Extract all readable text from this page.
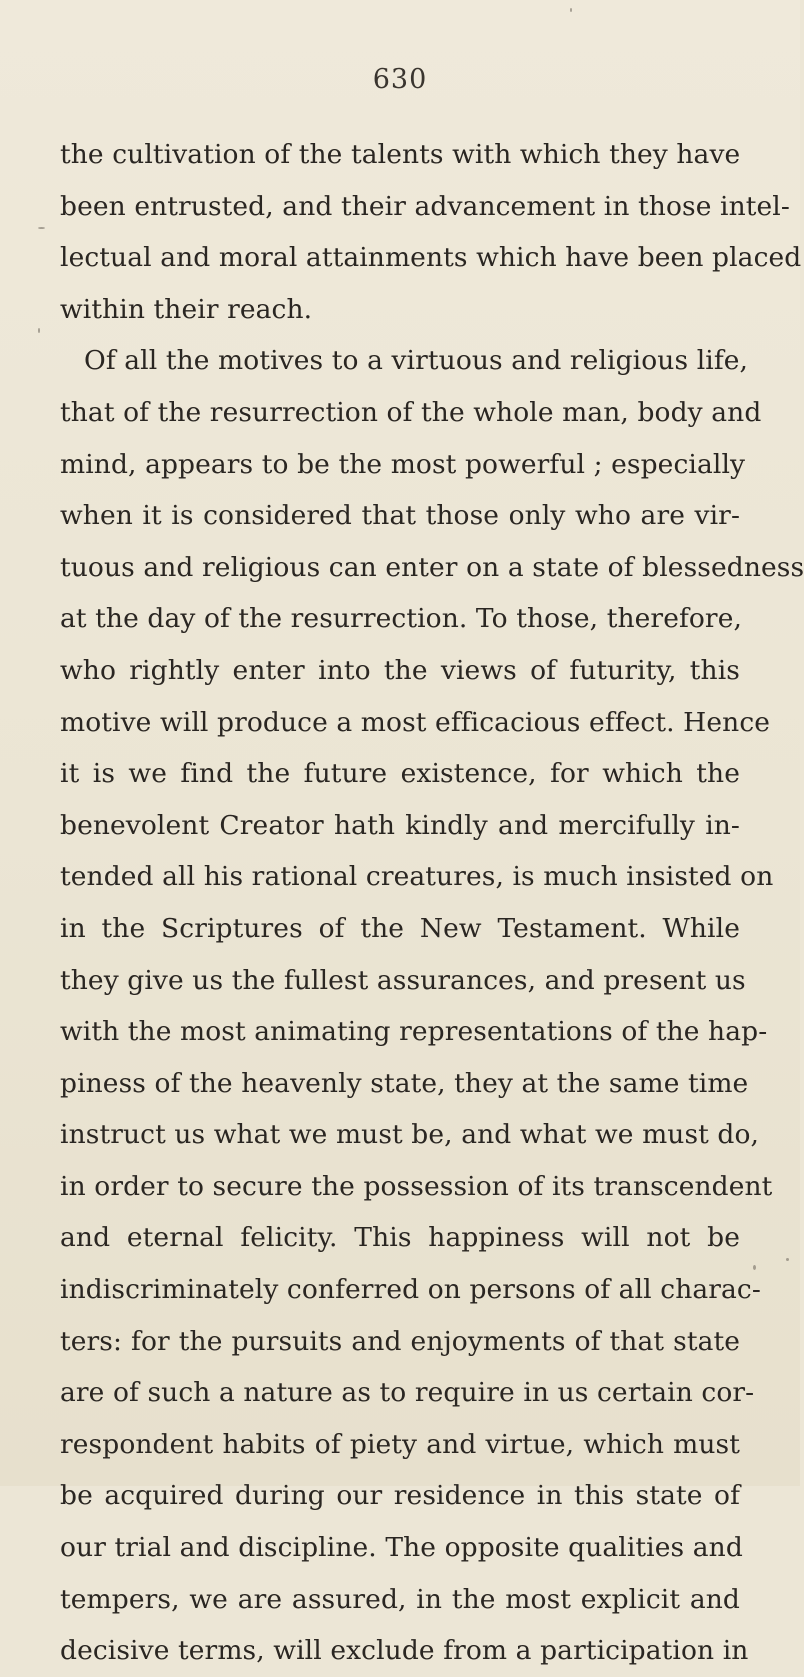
630
the cultivation of the talents with which they have
been entrusted, and their advancement in those intel-
lectual and moral attainments which have been placed
within their reach.
Of all the motives to a virtuous and religious life,
that of the resurrection of the whole man, body and
mind, appears to be the most powerful ; especially
when it is considered that those only who are vir-
tuous and religious can enter on a state of blessedness
at the day of the resurrection. To those, therefore,
who rightly enter into the views of futurity, this
motive will produce a most efficacious effect. Hence
it is we find the future existence, for which the
benevolent Creator hath kindly and mercifully in-
tended all his rational creatures, is much insisted on
in the Scriptures of the New Testament. While
they give us the fullest assurances, and present us
with the most animating representations of the hap-
piness of the heavenly state, they at the same time
instruct us what we must be, and what we must do,
in order to secure the possession of its transcendent
and eternal felicity. This happiness will not be
indiscriminately conferred on persons of all charac-
ters: for the pursuits and enjoyments of that state
are of such a nature as to require in us certain cor-
respondent habits of piety and virtue, which must
be acquired during our residence in this state of
our trial and discipline. The opposite qualities and
tempers, we are assured, in the most explicit and
decisive terms, will exclude from a participation in
